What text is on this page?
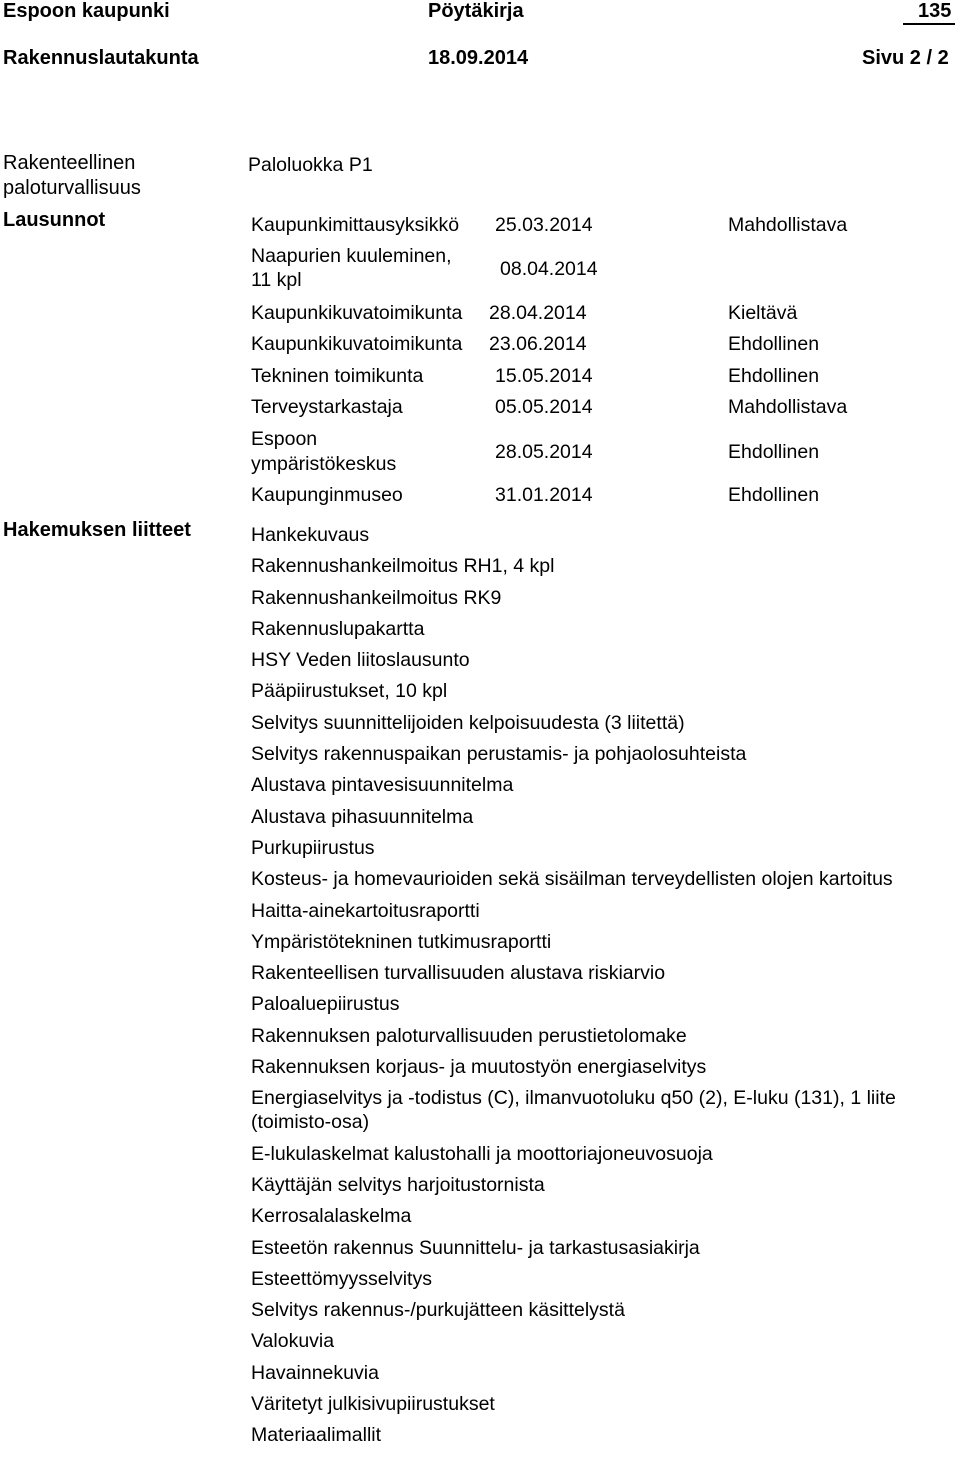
Espoon kaupunki	Pöytäkirja	135
Rakennuslautakunta	18.09.2014	Sivu 2 / 2
Rakenteellinen
paloturvallisuus
Paloluokka P1
Lausunnot	Kaupunkimittausyksikkö 25.03.2014	Mahdollistava
Naapurien kuuleminen,
11 kpl	08.04.2014
Kaupunkikuvatoimikunta 28.04.2014	Kieltävä
Kaupunkikuvatoimikunta 23.06.2014	Ehdollinen
Tekninen toimikunta	15.05.2014	Ehdollinen
Terveystarkastaja	05.05.2014	Mahdollistava
Espoon
ympäristökeskus
28.05.2014	Ehdollinen
Kaupunginmuseo	31.01.2014	Ehdollinen
Hakemuksen liitteet	Hankekuvaus
Rakennushankeilmoitus RH1, 4 kpl
Rakennushankeilmoitus RK9
Rakennuslupakartta
HSY Veden liitoslausunto
Pääpiirustukset, 10 kpl
Selvitys suunnittelijoiden kelpoisuudesta (3 liitettä)
Selvitys rakennuspaikan perustamis- ja pohjaolosuhteista
Alustava pintavesisuunnitelma
Alustava pihasuunnitelma
Purkupiirustus
Kosteus- ja homevaurioiden sekä sisäilman terveydellisten olojen kartoitus
Haitta-ainekartoitusraportti
Ympäristötekninen tutkimusraportti
Rakenteellisen turvallisuuden alustava riskiarvio
Paloaluepiirustus
Rakennuksen paloturvallisuuden perustietolomake
Rakennuksen korjaus- ja muutostyön energiaselvitys
Energiaselvitys ja -todistus (C), ilmanvuotoluku q50 (2), E-luku (131), 1 liite (toimisto-osa)
E-lukulaskelmat kalustohalli ja moottoriajoneuvosuoja
Käyttäjän selvitys harjoitustornista
Kerrosalalaskelma
Esteetön rakennus Suunnittelu- ja tarkastusasiakirja
Esteettömyysselvitys
Selvitys rakennus-/purkujätteen käsittelystä
Valokuvia
Havainnekuvia
Väritetyt julkisivupiirustukset
Materiaalimallit
